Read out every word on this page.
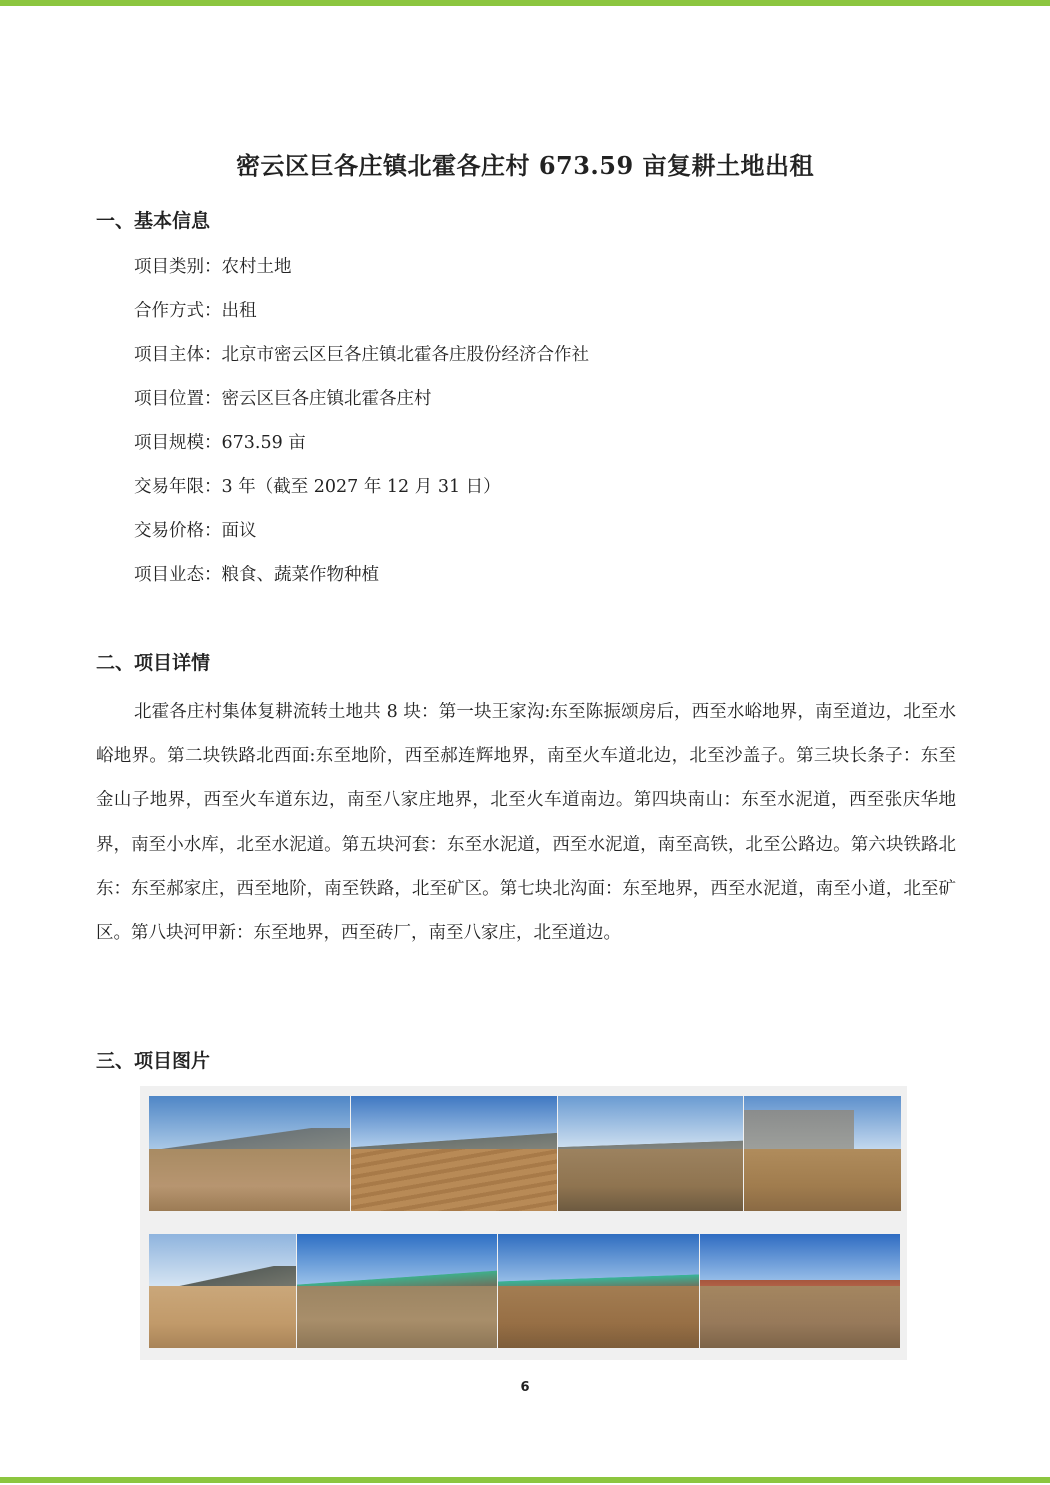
密云区巨各庄镇北霍各庄村 673.59 亩复耕土地出租
一、基本信息
项目类别：农村土地
合作方式：出租
项目主体：北京市密云区巨各庄镇北霍各庄股份经济合作社
项目位置：密云区巨各庄镇北霍各庄村
项目规模：673.59 亩
交易年限：3 年（截至 2027 年 12 月 31 日）
交易价格：面议
项目业态：粮食、蔬菜作物种植
二、项目详情
北霍各庄村集体复耕流转土地共 8 块：第一块王家沟:东至陈振颂房后，西至水峪地界，南至道边，北至水峪地界。第二块铁路北西面:东至地阶，西至郝连辉地界，南至火车道北边，北至沙盖子。第三块长条子：东至金山子地界，西至火车道东边，南至八家庄地界，北至火车道南边。第四块南山：东至水泥道，西至张庆华地界，南至小水库，北至水泥道。第五块河套：东至水泥道，西至水泥道，南至高铁，北至公路边。第六块铁路北东：东至郝家庄，西至地阶，南至铁路，北至矿区。第七块北沟面：东至地界，西至水泥道，南至小道，北至矿区。第八块河甲新：东至地界，西至砖厂，南至八家庄，北至道边。
三、项目图片
6
